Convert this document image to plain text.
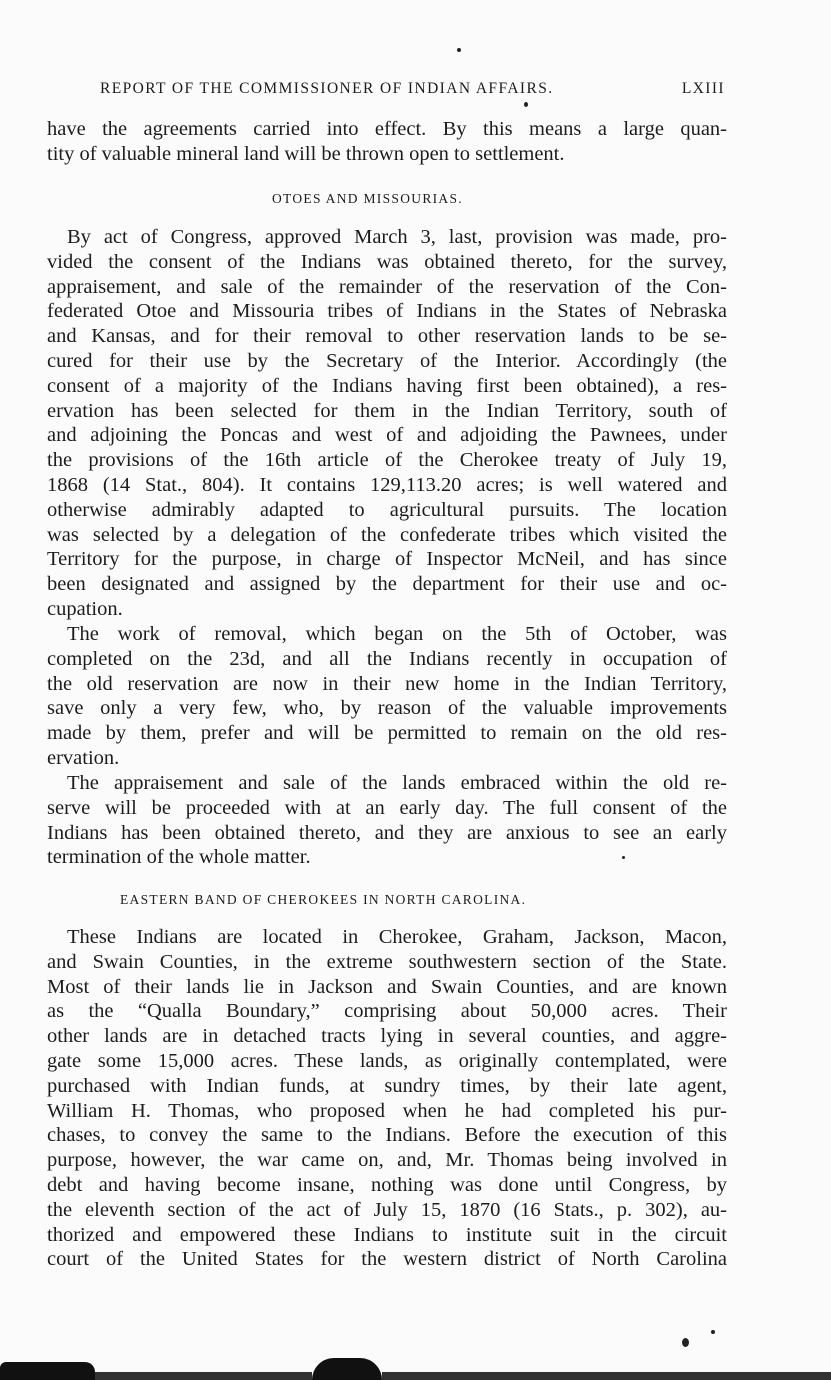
REPORT OF THE COMMISSIONER OF INDIAN AFFAIRS.	LXIII
have the agreements carried into effect. By this means a large quan-
tity of valuable mineral land will be thrown open to settlement.
OTOES AND MISSOURIAS.
By act of Congress, approved March 3, last, provision was made, pro-
vided the consent of the Indians was obtained thereto, for the survey,
appraisement, and sale of the remainder of the reservation of the Con-
federated Otoe and Missouria tribes of Indians in the States of Nebraska
and Kansas, and for their removal to other reservation lands to be se-
cured for their use by the Secretary of the Interior. Accordingly (the
consent of a majority of the Indians having first been obtained), a res-
ervation has been selected for them in the Indian Territory, south of
and adjoining the Poncas and west of and adjoiding the Pawnees, under
the provisions of the 16th article of the Cherokee treaty of July 19,
1868 (14 Stat., 804). It contains 129,113.20 acres; is well watered and
otherwise admirably adapted to agricultural pursuits. The location
was selected by a delegation of the confederate tribes which visited the
Territory for the purpose, in charge of Inspector McNeil, and has since
been designated and assigned by the department for their use and oc-
cupation.
The work of removal, which began on the 5th of October, was
completed on the 23d, and all the Indians recently in occupation of
the old reservation are now in their new home in the Indian Territory,
save only a very few, who, by reason of the valuable improvements
made by them, prefer and will be permitted to remain on the old res-
ervation.
The appraisement and sale of the lands embraced within the old re-
serve will be proceeded with at an early day. The full consent of the
Indians has been obtained thereto, and they are anxious to see an early
termination of the whole matter.
EASTERN BAND OF CHEROKEES IN NORTH CAROLINA.
These Indians are located in Cherokee, Graham, Jackson, Macon,
and Swain Counties, in the extreme southwestern section of the State.
Most of their lands lie in Jackson and Swain Counties, and are known
as the “Qualla Boundary,” comprising about 50,000 acres. Their
other lands are in detached tracts lying in several counties, and aggre-
gate some 15,000 acres. These lands, as originally contemplated, were
purchased with Indian funds, at sundry times, by their late agent,
William H. Thomas, who proposed when he had completed his pur-
chases, to convey the same to the Indians. Before the execution of this
purpose, however, the war came on, and, Mr. Thomas being involved in
debt and having become insane, nothing was done until Congress, by
the eleventh section of the act of July 15, 1870 (16 Stats., p. 302), au-
thorized and empowered these Indians to institute suit in the circuit
court of the United States for the western district of North Carolina
